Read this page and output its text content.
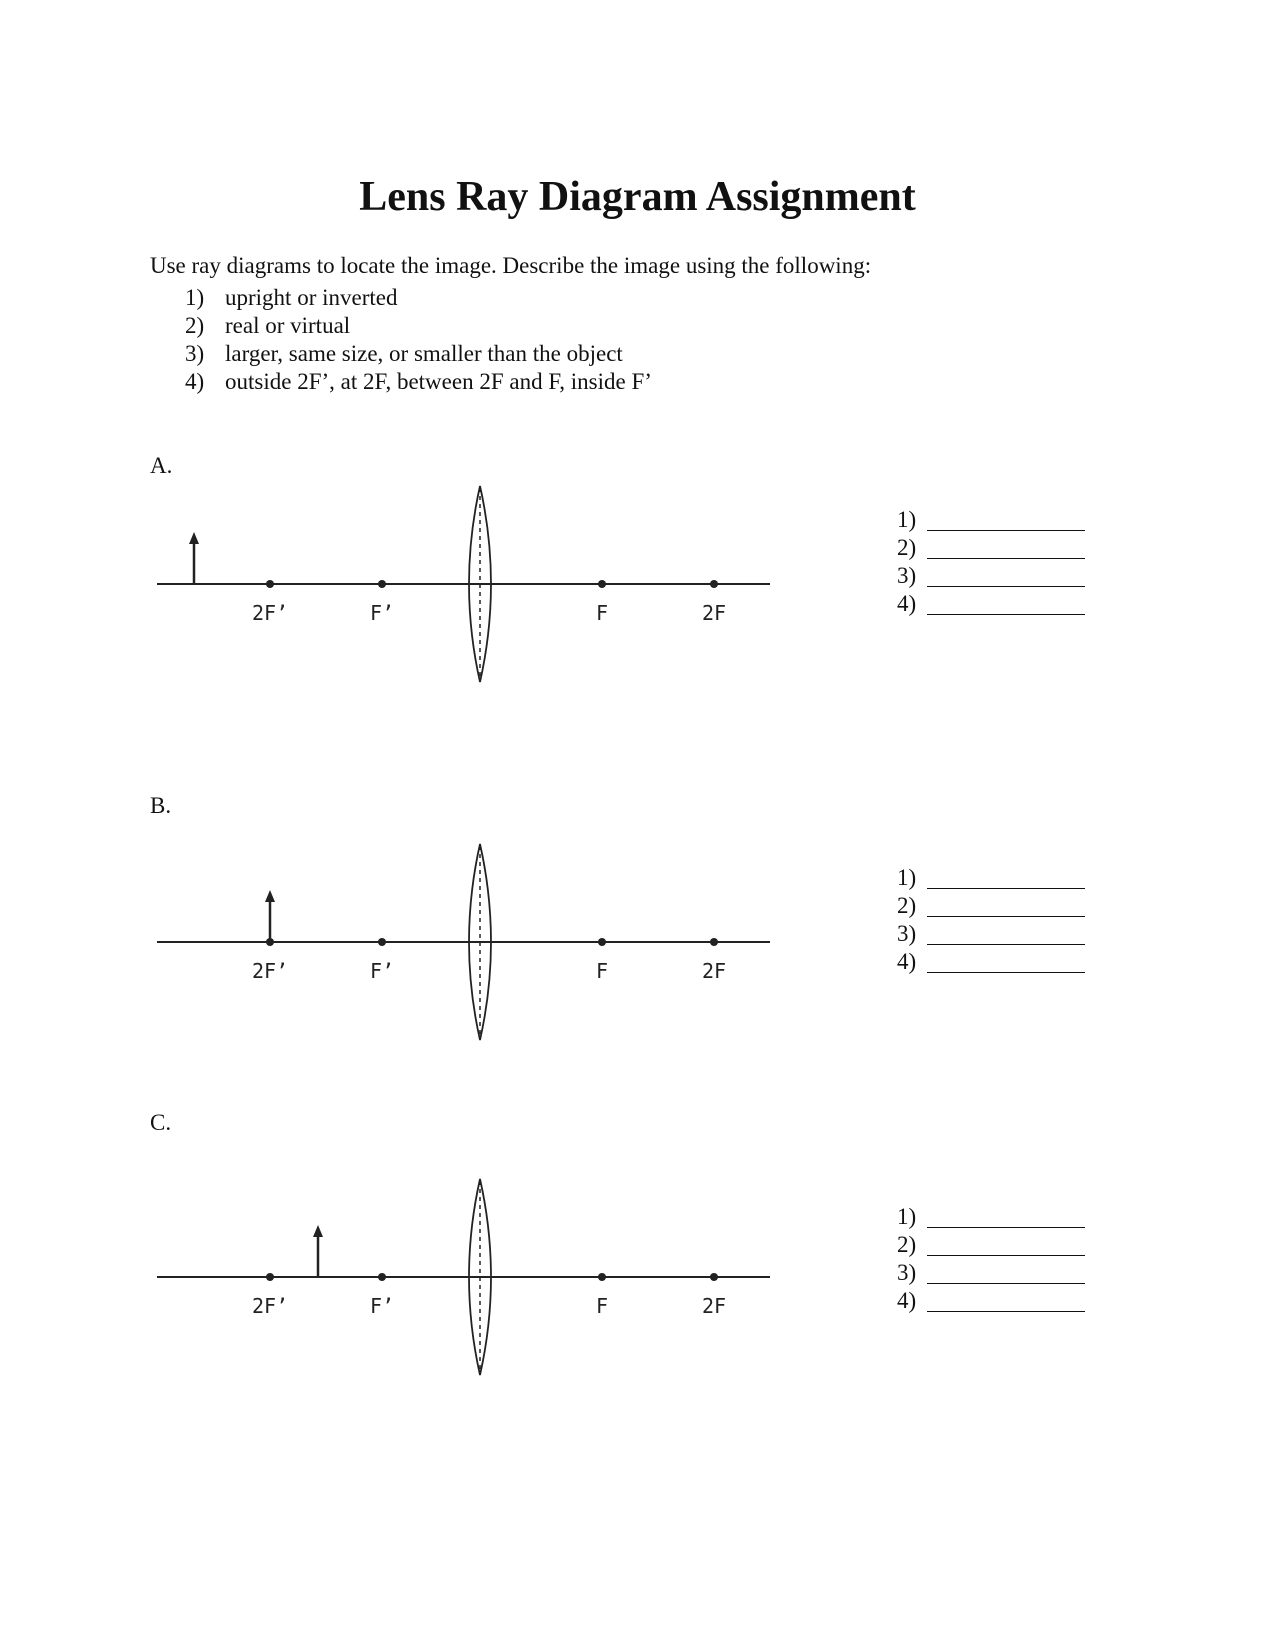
Lens Ray Diagram Assignment
Use ray diagrams to locate the image. Describe the image using the following:
1) upright or inverted
2) real or virtual
3) larger, same size, or smaller than the object
4) outside 2F’, at 2F, between 2F and F, inside F’
A.
2F’	F’	F	2F
1)
2)
3)
4)
B.
2F’	F’	F	2F
1)
2)
3)
4)
C.
2F’	F’	F	2F
1)
2)
3)
4)
